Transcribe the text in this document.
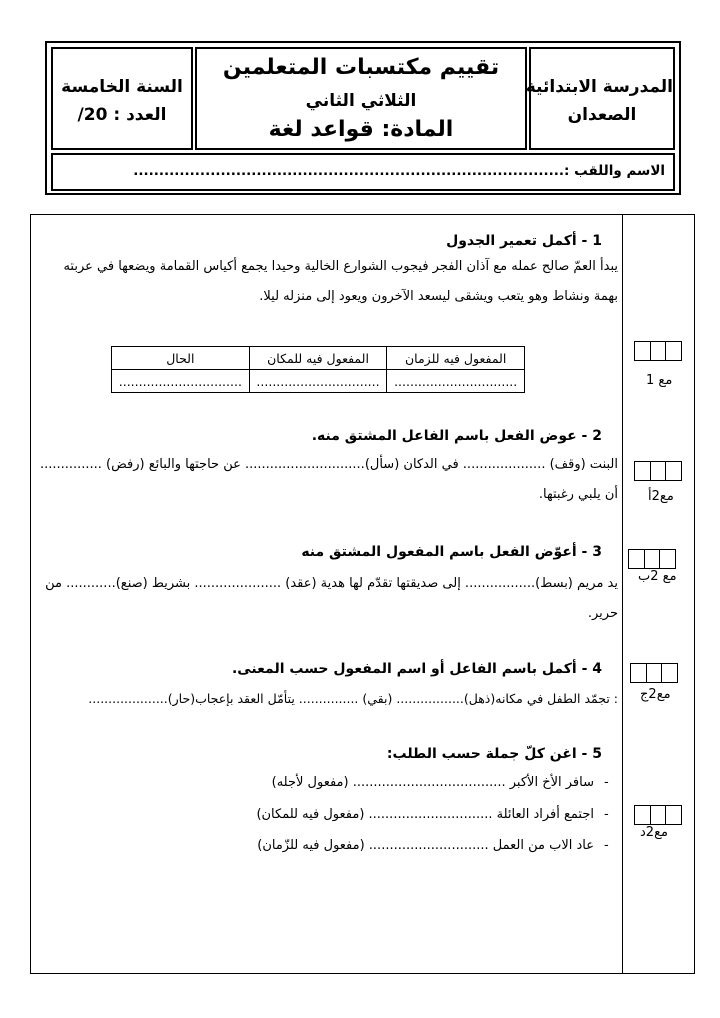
المدرسة الابتدائية
الصعدان
تقييم مكتسبات المتعلمين
الثلاثي الثاني
المادة: قواعد لغة
السنة الخامسة
العدد : 20/
الاسم واللقب :....................................................................................
1 - أكمل تعمير الجدول
يبدأ العمّ صالح عمله مع آذان الفجر فيجوب الشوارع الخالية وحيدا يجمع أكياس القمامة ويضعها في عربته
بهمة ونشاط وهو يتعب ويشقى ليسعد الآخرون ويعود إلى منزله ليلا.
المفعول فيه للزمان	المفعول فيه للمكان	الحال
...............................	...............................	...............................	مع 1
2 - عوض الفعل باسم الفاعل المشتق منه.
البنت (وقف) .................... في الدكان (سأل)............................. عن حاجتها والبائع (رفض) ...............
أن يلبي رغبتها. مع2أ
3 - أعوّض الفعل باسم المفعول المشتق منه
يد مريم (بسط)................. إلى صديقتها تقدّم لها هدية (عقد) ..................... بشريط (صنع)............ من
حرير.
مع 2ب
4 - أكمل باسم الفاعل أو اسم المفعول حسب المعنى.
: تجمّد الطفل في مكانه(ذهل)................. (بقي) ............... يتأمّل العقد بإعجاب(حار).................... مع2ج
5 - اغن كلّ جملة حسب الطلب:
سافر الأخ الأكبر ..................................... (مفعول لأجله) -
اجتمع أفراد العائلة .............................. (مفعول فيه للمكان) -
عاد الاب من العمل ............................. (مفعول فيه للزّمان) -
مع2د
